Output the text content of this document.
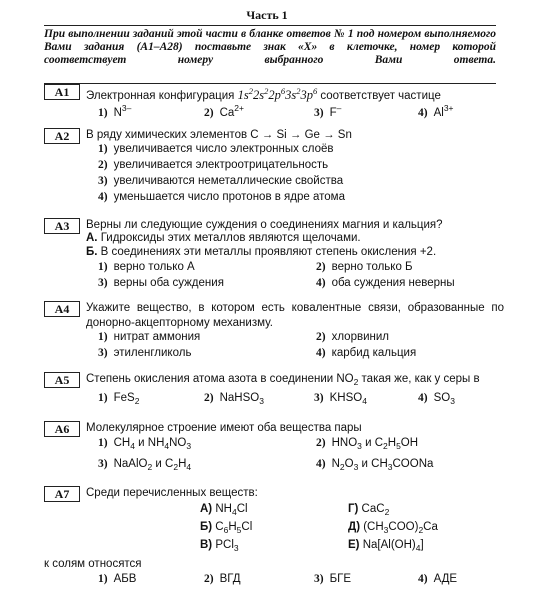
Часть 1
При выполнении заданий этой части в бланке ответов № 1 под номером выполняемого Вами задания (А1–А28) поставьте знак «Х» в клеточке, номер которой соответствует номеру выбранного Вами ответа.
A1	Электронная конфигурация $1s^22s^22p^63s^23p^6$ соответствует частице
1) $N^{3-}$	2) $Ca^{2+}$	3) F–	4) $Al^{3+}$
A2	В ряду химических элементов C → Si → Ge → Sn
1) увеличивается число электронных слоёв
2) увеличивается электроотрицательность
3) увеличиваются неметаллические свойства
4) уменьшается число протонов в ядре атома
A3	Верны ли следующие суждения о соединениях магния и кальция?
А. Гидроксиды этих металлов являются щелочами.
Б. В соединениях эти металлы проявляют степень окисления +2.
1) верно только А	2) верно только Б
3) верны оба суждения	4) оба суждения неверны
A4	Укажите вещество, в котором есть ковалентные связи, образованные по донорно-акцепторному механизму.
1) нитрат аммония	2) хлорвинил
3) этиленгликоль	4) карбид кальция
A5	Степень окисления атома азота в соединении $NO_2$ такая же, как у серы в
1) FeS$_2$	2) NaHSO$_3$	3) $KHSO_4$	4) $SO_3$
A6	Молекулярное строение имеют оба вещества пары
1) $CH_4$ и $NH_4NO_3$	2) $HNO_3$ и $C_2H_5OH$
3) NaAlO$_2$ и $C_2H_4$	4) $N_2O_3$ и $CH_3COONa$
A7	Среди перечисленных веществ:
А) $NH_4Cl$	Г) CaC$_2$
Б) $C_6H_5Cl$	Д) $(CH_3COO)_2Ca$
В) PCl$_3$	Е) $Na[Al(OH)_4]$
к солям относятся
1) АБВ	2) ВГД	3) БГЕ	4) АДЕ
